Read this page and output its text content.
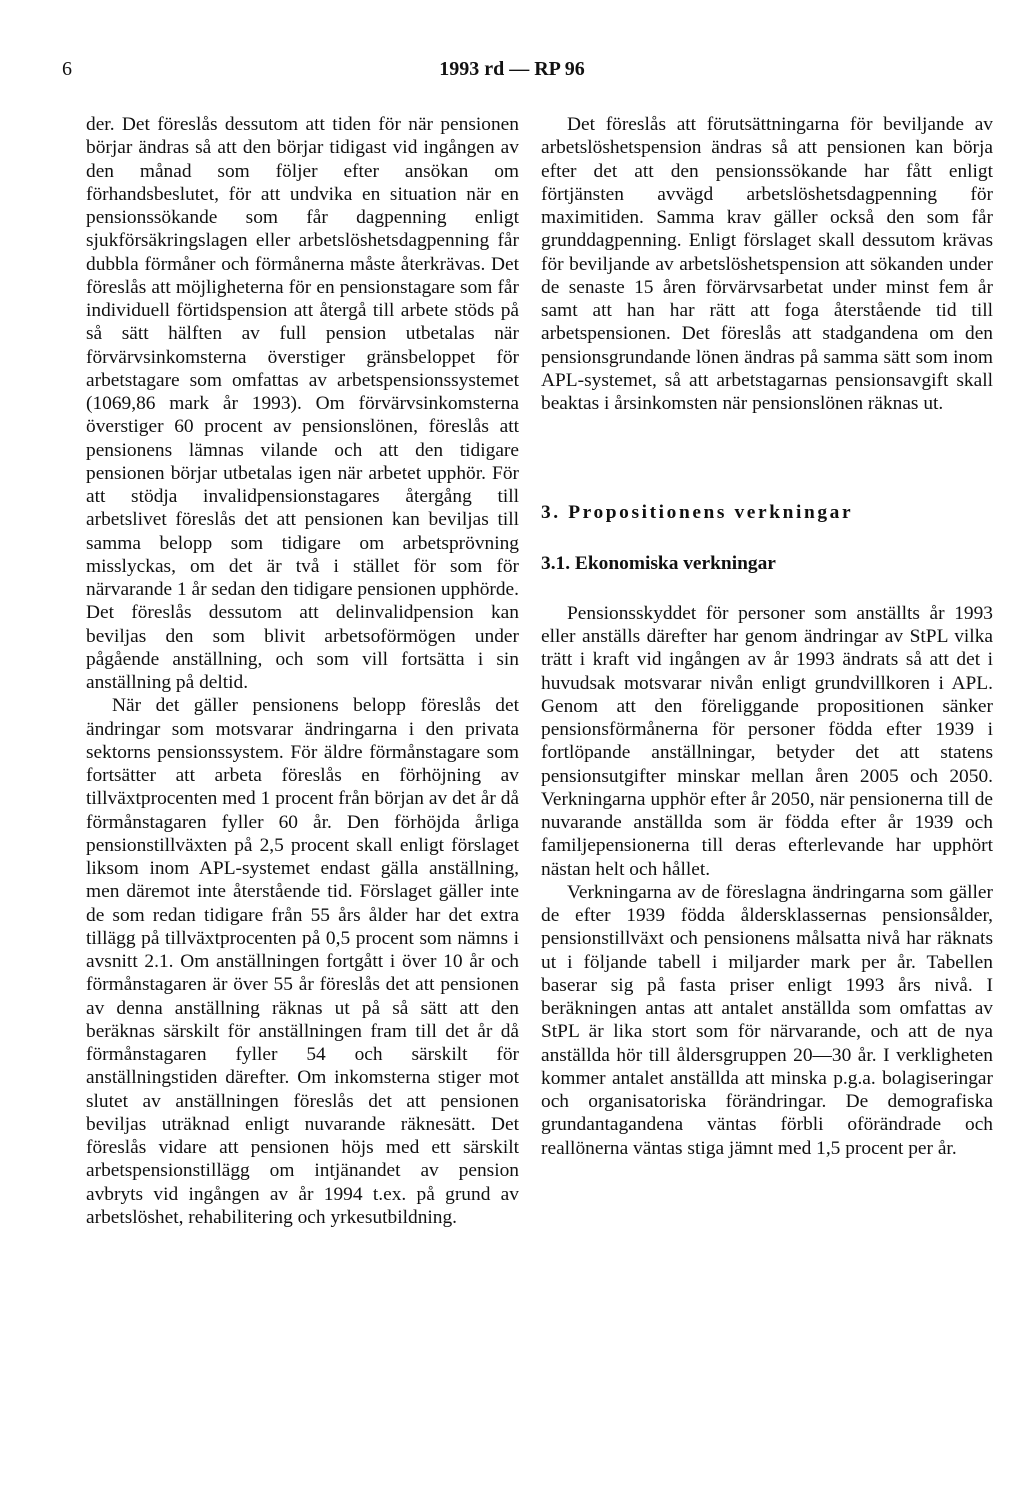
6	1993 rd — RP 96

der. Det föreslås dessutom att tiden för när pensionen börjar ändras så att den börjar tidigast vid ingången av den månad som följer efter ansökan om förhandsbeslutet, för att undvika en situation när en pensionssökande som får dagpenning enligt sjukförsäkringslagen eller arbetslöshetsdagpenning får dubbla förmåner och förmånerna måste återkrävas. Det föreslås att möjligheterna för en pensionstagare som får individuell förtidspension att återgå till arbete stöds på så sätt hälften av full pension utbetalas när förvärvsinkomsterna överstiger gränsbeloppet för arbetstagare som omfattas av arbetspensionssystemet (1069,86 mark år 1993). Om förvärvsinkomsterna överstiger 60 procent av pensionslönen, föreslås att pensionens lämnas vilande och att den tidigare pensionen börjar utbetalas igen när arbetet upphör. För att stödja invalidpensionstagares återgång till arbetslivet föreslås det att pensionen kan beviljas till samma belopp som tidigare om arbetsprövning misslyckas, om det är två i stället för som för närvarande 1 år sedan den tidigare pensionen upphörde. Det föreslås dessutom att delinvalidpension kan beviljas den som blivit arbetsoförmögen under pågående anställning, och som vill fortsätta i sin anställning på deltid.

När det gäller pensionens belopp föreslås det ändringar som motsvarar ändringarna i den privata sektorns pensionssystem. För äldre förmånstagare som fortsätter att arbeta föreslås en förhöjning av tillväxtprocenten med 1 procent från början av det år då förmånstagaren fyller 60 år. Den förhöjda årliga pensionstillväxten på 2,5 procent skall enligt förslaget liksom inom APL-systemet endast gälla anställning, men däremot inte återstående tid. Förslaget gäller inte de som redan tidigare från 55 års ålder har det extra tillägg på tillväxtprocenten på 0,5 procent som nämns i avsnitt 2.1. Om anställningen fortgått i över 10 år och förmånstagaren är över 55 år föreslås det att pensionen av denna anställning räknas ut på så sätt att den beräknas särskilt för anställningen fram till det år då förmånstagaren fyller 54 och särskilt för anställningstiden därefter. Om inkomsterna stiger mot slutet av anställningen föreslås det att pensionen beviljas uträknad enligt nuvarande räknesätt. Det föreslås vidare att pensionen höjs med ett särskilt arbetspensionstillägg om intjänandet av pension avbryts vid ingången av år 1994 t.ex. på grund av arbetslöshet, rehabilitering och yrkesutbildning.

Det föreslås att förutsättningarna för beviljande av arbetslöshetspension ändras så att pensionen kan börja efter det att den pensionssökande har fått enligt förtjänsten avvägd arbetslöshetsdagpenning för maximitiden. Samma krav gäller också den som får grunddagpenning. Enligt förslaget skall dessutom krävas för beviljande av arbetslöshetspension att sökanden under de senaste 15 åren förvärvsarbetat under minst fem år samt att han har rätt att foga återstående tid till arbetspensionen. Det föreslås att stadgandena om den pensionsgrundande lönen ändras på samma sätt som inom APL-systemet, så att arbetstagarnas pensionsavgift skall beaktas i årsinkomsten när pensionslönen räknas ut.

3. Propositionens verkningar
3.1. Ekonomiska verkningar

Pensionsskyddet för personer som anställts år 1993 eller anställs därefter har genom ändringar av StPL vilka trätt i kraft vid ingången av år 1993 ändrats så att det i huvudsak motsvarar nivån enligt grundvillkoren i APL. Genom att den föreliggande propositionen sänker pensionsförmånerna för personer födda efter 1939 i fortlöpande anställningar, betyder det att statens pensionsutgifter minskar mellan åren 2005 och 2050. Verkningarna upphör efter år 2050, när pensionerna till de nuvarande anställda som är födda efter år 1939 och familjepensionerna till deras efterlevande har upphört nästan helt och hållet.

Verkningarna av de föreslagna ändringarna som gäller de efter 1939 födda åldersklassernas pensionsålder, pensionstillväxt och pensionens målsatta nivå har räknats ut i följande tabell i miljarder mark per år. Tabellen baserar sig på fasta priser enligt 1993 års nivå. I beräkningen antas att antalet anställda som omfattas av StPL är lika stort som för närvarande, och att de nya anställda hör till åldersgruppen 20—30 år. I verkligheten kommer antalet anställda att minska p.g.a. bolagiseringar och organisatoriska förändringar. De demografiska grundantagandena väntas förbli oförändrade och reallönerna väntas stiga jämnt med 1,5 procent per år.
